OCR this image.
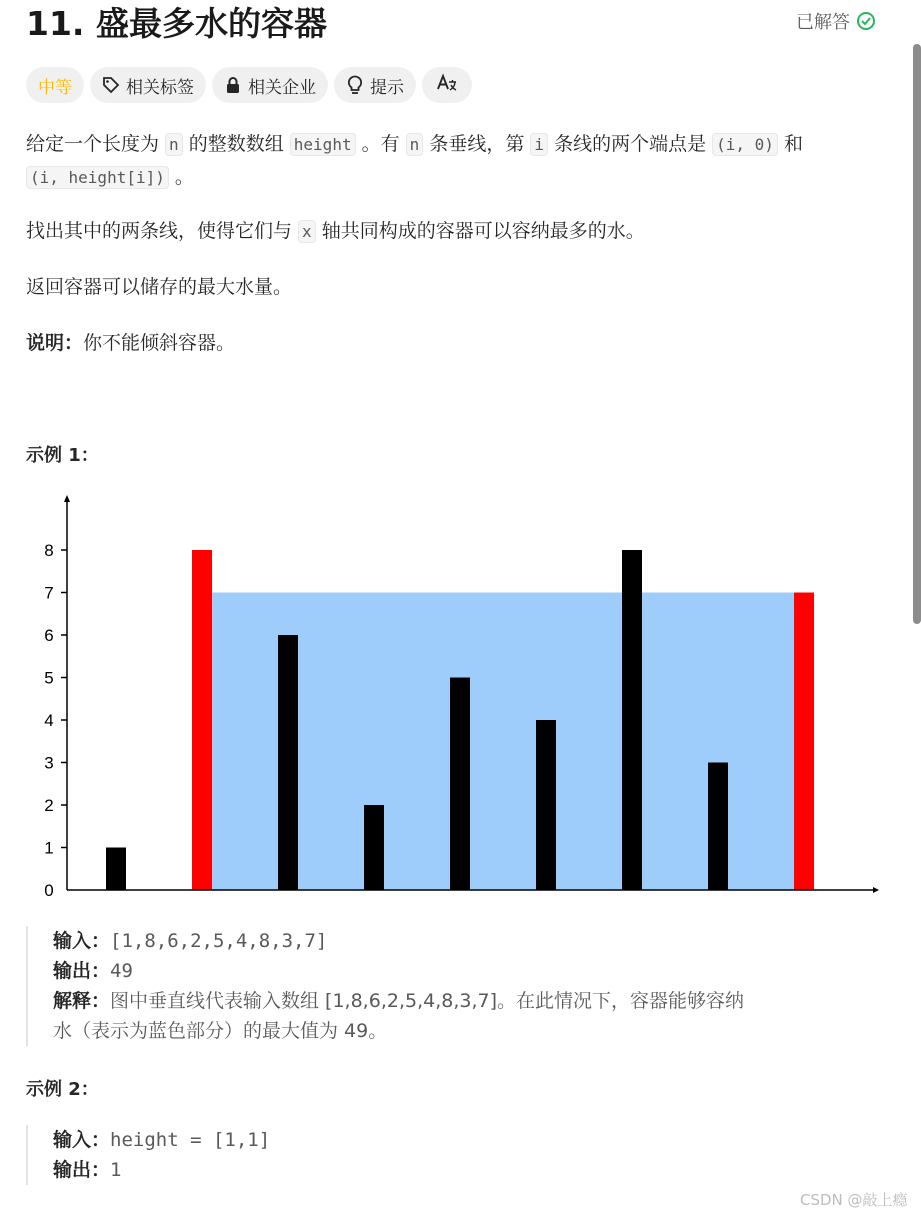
11. 盛最多水的容器	已解答
中等	相关标签	相关企业	提示

给定一个长度为 n 的整数数组 height 。有 n 条垂线，第 i 条线的两个端点是 (i, 0) 和 (i, height[i]) 。

找出其中的两条线，使得它们与 x 轴共同构成的容器可以容纳最多的水。

返回容器可以储存的最大水量。

说明：你不能倾斜容器。

示例 1：
0
1
2
3
4
5
6
7
8
输入：[1,8,6,2,5,4,8,3,7]
输出：49
解释：图中垂直线代表输入数组 [1,8,6,2,5,4,8,3,7]。在此情况下，容器能够容纳
水（表示为蓝色部分）的最大值为 49。
示例 2：
输入：height = [1,1]
输出：1
CSDN @敲上瘾
